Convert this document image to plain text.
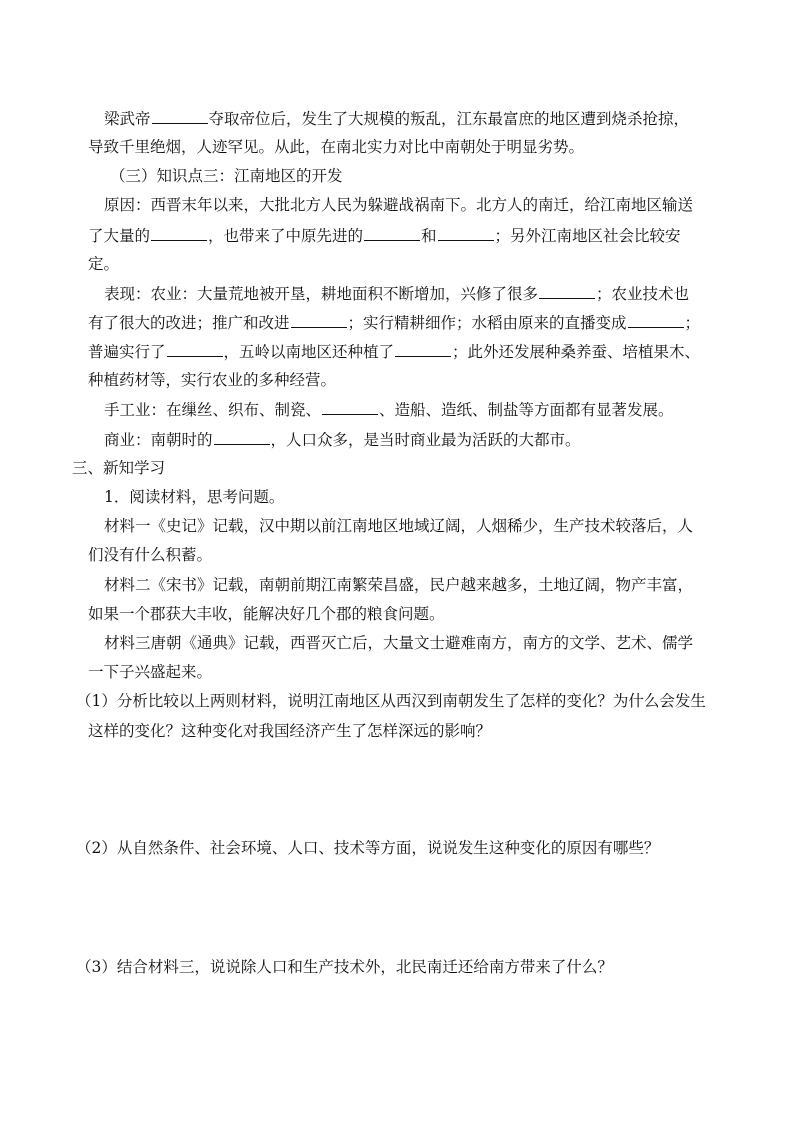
梁武帝	夺取帝位后，发生了大规模的叛乱，江东最富庶的地区遭到烧杀抢掠，
导致千里绝烟，人迹罕见。从此，在南北实力对比中南朝处于明显劣势。
（三）知识点三：江南地区的开发
原因：西晋末年以来，大批北方人民为躲避战祸南下。北方人的南迁，给江南地区输送
了大量的	，也带来了中原先进的	和	；另外江南地区社会比较安
定。
表现：农业：大量荒地被开垦，耕地面积不断增加，兴修了很多	；农业技术也
有了很大的改进；推广和改进	；实行精耕细作；水稻由原来的直播变成	；
普遍实行了	，五岭以南地区还种植了	；此外还发展种桑养蚕、培植果木、
种植药材等，实行农业的多种经营。
手工业：在缫丝、织布、制瓷、	、造船、造纸、制盐等方面都有显著发展。
商业：南朝时的	，人口众多，是当时商业最为活跃的大都市。
三、新知学习
1．阅读材料，思考问题。
材料一《史记》记载，汉中期以前江南地区地域辽阔，人烟稀少，生产技术较落后，人
们没有什么积蓄。
材料二《宋书》记载，南朝前期江南繁荣昌盛，民户越来越多，土地辽阔，物产丰富，
如果一个郡获大丰收，能解决好几个郡的粮食问题。
材料三唐朝《通典》记载，西晋灭亡后，大量文士避难南方，南方的文学、艺术、儒学
一下子兴盛起来。
（1）分析比较以上两则材料，说明江南地区从西汉到南朝发生了怎样的变化？为什么会发生
这样的变化？这种变化对我国经济产生了怎样深远的影响？
（2）从自然条件、社会环境、人口、技术等方面，说说发生这种变化的原因有哪些？
（3）结合材料三，说说除人口和生产技术外，北民南迁还给南方带来了什么？
